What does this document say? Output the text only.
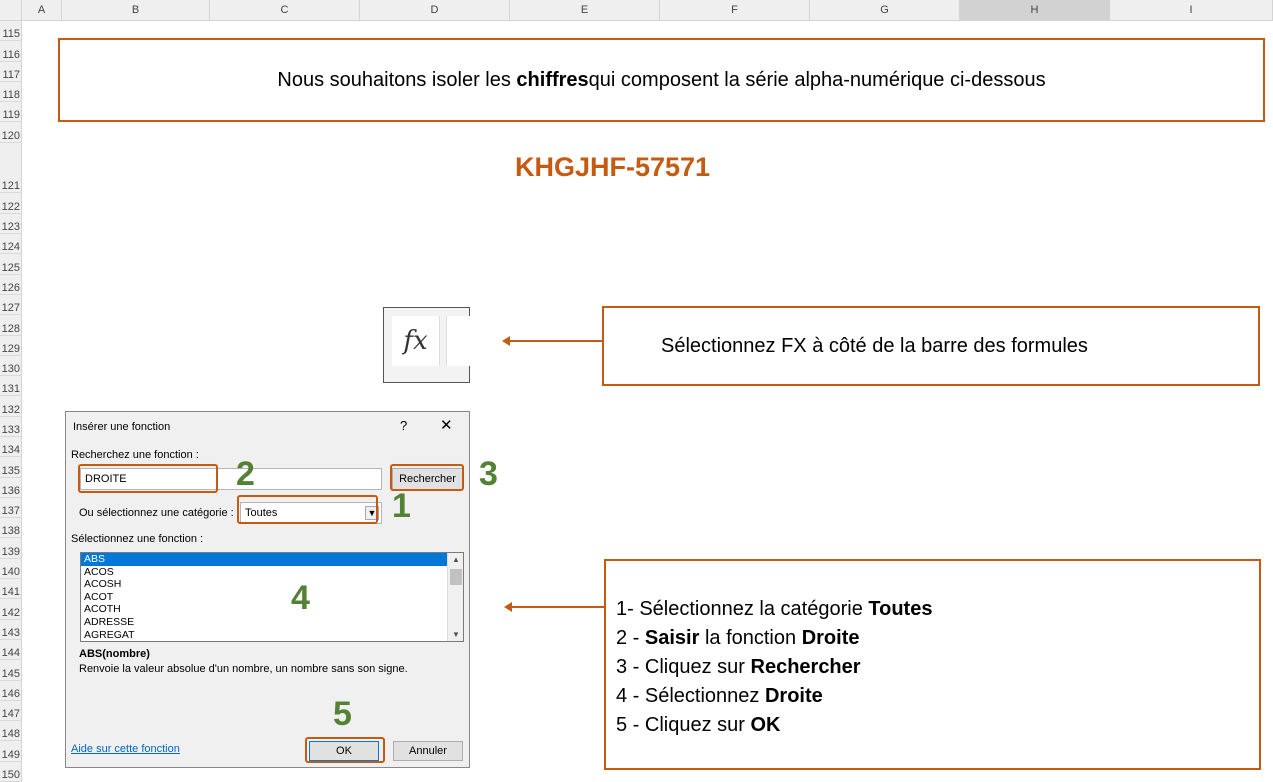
A	B	C	D	E	F	G	H	I
115
116
117
118
119
120
121
122
123
124
125
126
127
128
129
130
131
132
133
134
135
136
137
138
139
140
141
142
143
144
145
146
147
148
149
150
Nous souhaitons isoler les
chiffres qui composent la série alpha-numérique ci-dessous
KHGJHF-57571
fx	Sélectionnez FX à côté de la barre des formules
Insérer une fonction	? ✕
Recherchez une fonction :
DROITE	Rechercher
Ou sélectionnez une catégorie :	Toutes	▼
Sélectionnez une fonction :
ABS
ACOS
ACOSH
ACOT
ACOTH
ADRESSE
AGREGAT
▲
▼
ABS(nombre)
Renvoie la valeur absolue d'un nombre, un nombre sans son signe.
Aide sur cette fonction	OK	Annuler
1
2	3
4
5
1- Sélectionnez la catégorie Toutes
2 - Saisir la fonction Droite
3 - Cliquez sur Rechercher
4 - Sélectionnez Droite
5 - Cliquez sur OK
